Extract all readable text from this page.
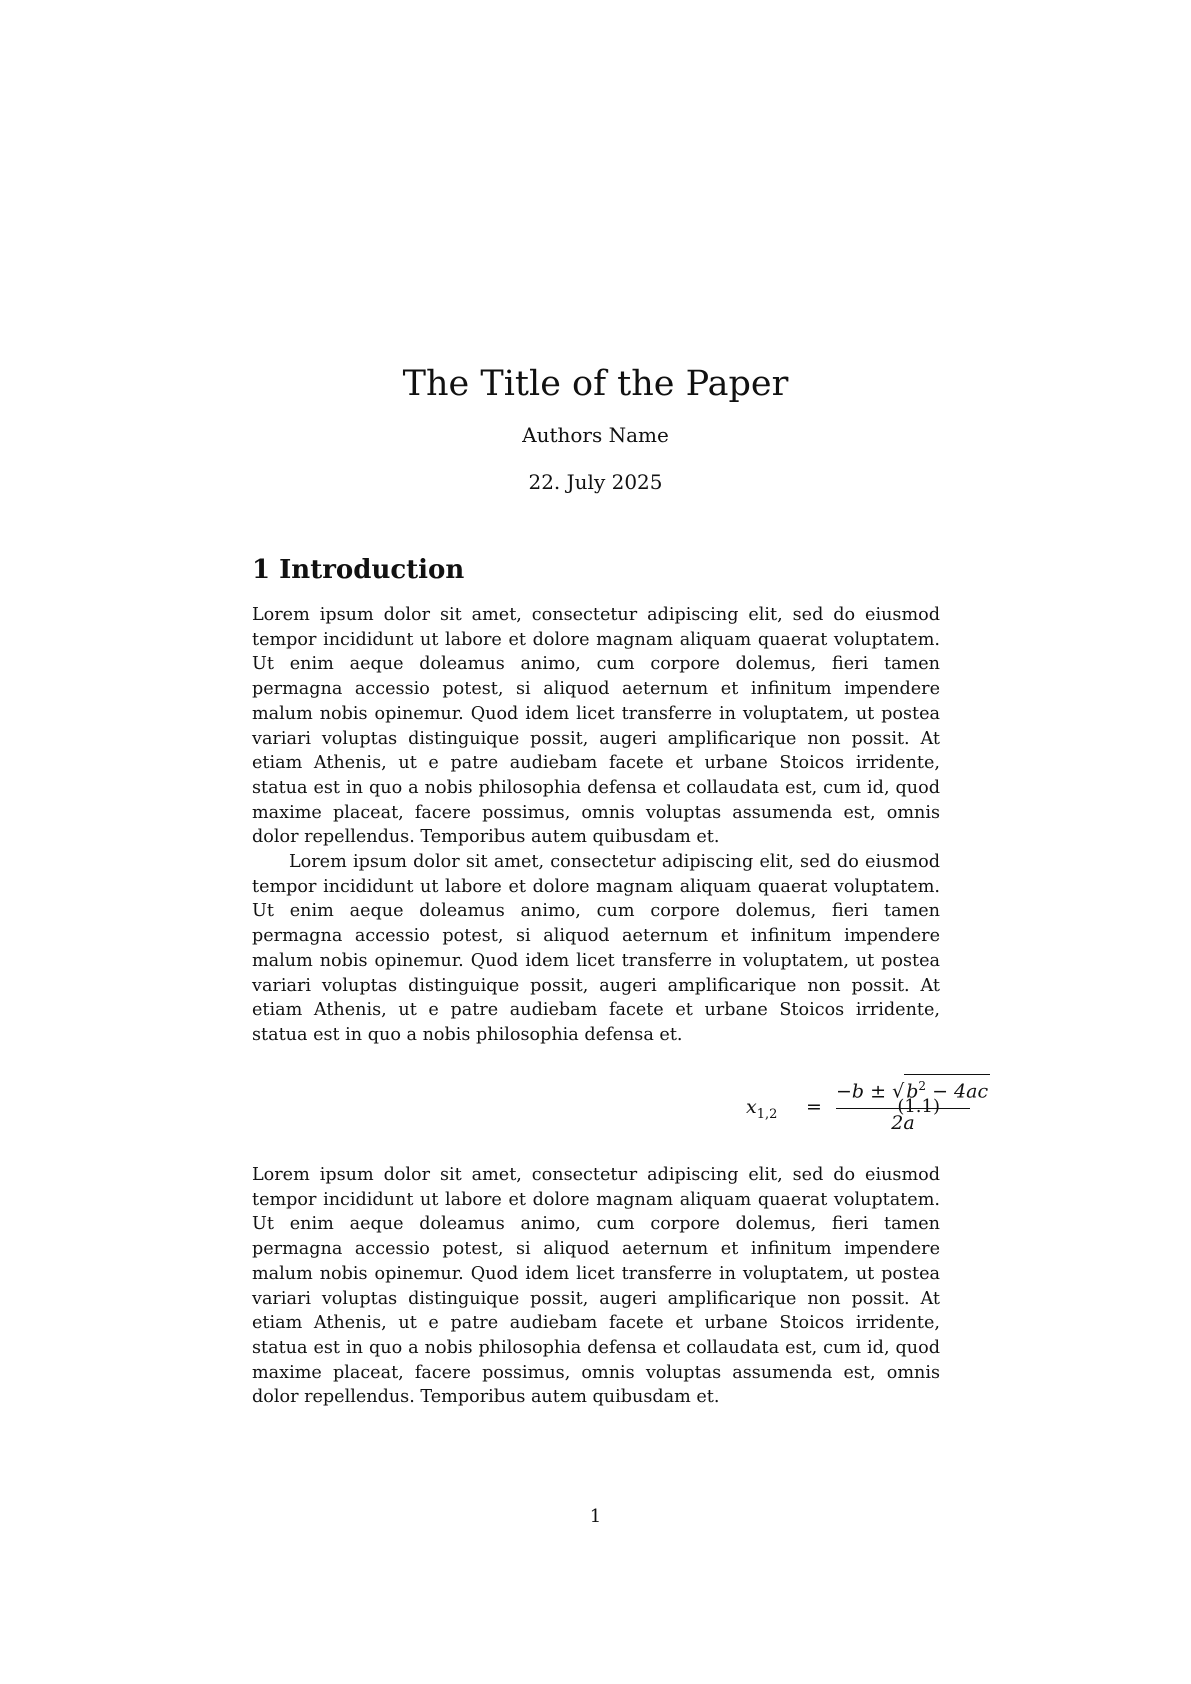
The Title of the Paper
Authors Name
22. July 2025
1 Introduction

Lorem ipsum dolor sit amet, consectetur adipiscing elit, sed do eiusmod tempor incididunt ut labore et dolore magnam aliquam quaerat voluptatem. Ut enim aeque doleamus animo, cum corpore dolemus, fieri tamen permagna accessio potest, si aliquod aeternum et infinitum impendere malum nobis opinemur. Quod idem licet transferre in voluptatem, ut postea variari voluptas distinguique possit, augeri amplificarique non possit. At etiam Athenis, ut e patre audiebam facete et urbane Stoicos irridente, statua est in quo a nobis philosophia defensa et collaudata est, cum id, quod maxime placeat, facere possimus, omnis voluptas assumenda est, omnis dolor repellendus. Temporibus autem quibusdam et.

Lorem ipsum dolor sit amet, consectetur adipiscing elit, sed do eiusmod tempor incididunt ut labore et dolore magnam aliquam quaerat voluptatem. Ut enim aeque doleamus animo, cum corpore dolemus, fieri tamen permagna accessio potest, si aliquod aeternum et infinitum impendere malum nobis opinemur. Quod idem licet transferre in voluptatem, ut postea variari voluptas distinguique possit, augeri amplificarique non possit. At etiam Athenis, ut e patre audiebam facete et urbane Stoicos irridente, statua est in quo a nobis philosophia defensa et.

$x_{1,2}$ =
−b ± √ $b^2 - 4ac$
2a
(1.1)

Lorem ipsum dolor sit amet, consectetur adipiscing elit, sed do eiusmod tempor incididunt ut labore et dolore magnam aliquam quaerat voluptatem. Ut enim aeque doleamus animo, cum corpore dolemus, fieri tamen permagna accessio potest, si aliquod aeternum et infinitum impendere malum nobis opinemur. Quod idem licet transferre in voluptatem, ut postea variari voluptas distinguique possit, augeri amplificarique non possit. At etiam Athenis, ut e patre audiebam facete et urbane Stoicos irridente, statua est in quo a nobis philosophia defensa et collaudata est, cum id, quod maxime placeat, facere possimus, omnis voluptas assumenda est, omnis dolor repellendus. Temporibus autem quibusdam et.

1
